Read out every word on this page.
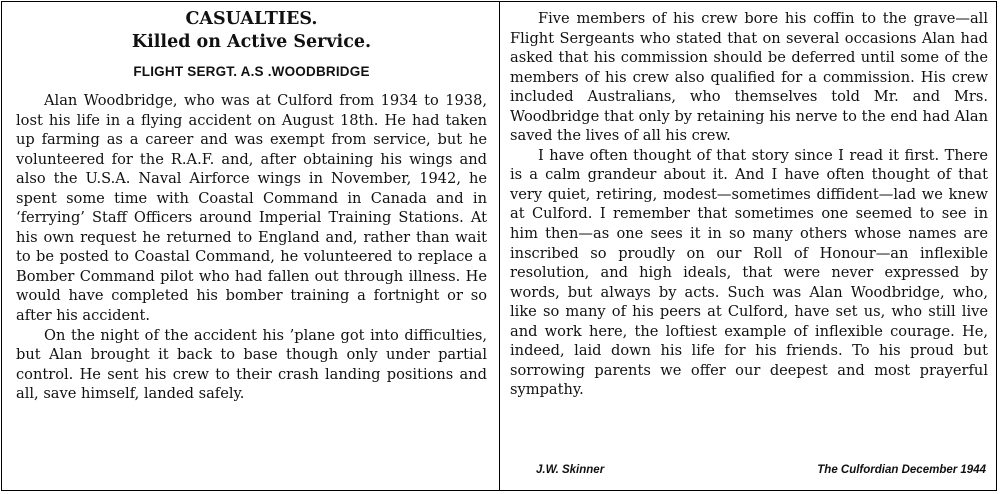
CASUALTIES.
Killed on Active Service.
FLIGHT SERGT. A.S .WOODBRIDGE

Alan Woodbridge, who was at Culford from 1934 to 1938, lost his life in a flying accident on August 18th. He had taken up farming as a career and was exempt from service, but he volunteered for the R.A.F. and, after obtaining his wings and also the U.S.A. Naval Airforce wings in November, 1942, he spent some time with Coastal Command in Canada and in ‘ferrying’ Staff Officers around Imperial Training Stations. At his own request he returned to England and, rather than wait to be posted to Coastal Command, he volunteered to replace a Bomber Command pilot who had fallen out through illness. He would have completed his bomber training a fortnight or so after his accident.

On the night of the accident his ’plane got into difficulties, but Alan brought it back to base though only under partial control. He sent his crew to their crash landing positions and all, save himself, landed safely.

Five members of his crew bore his coffin to the grave—all Flight Sergeants who stated that on several occasions Alan had asked that his commission should be deferred until some of the members of his crew also qualified for a commission. His crew included Australians, who themselves told Mr. and Mrs. Woodbridge that only by retaining his nerve to the end had Alan saved the lives of all his crew.

I have often thought of that story since I read it first. There is a calm grandeur about it. And I have often thought of that very quiet, retiring, modest—sometimes diffident—lad we knew at Culford. I remember that sometimes one seemed to see in him then—as one sees it in so many others whose names are inscribed so proudly on our Roll of Honour—an inflexible resolution, and high ideals, that were never expressed by words, but always by acts. Such was Alan Woodbridge, who, like so many of his peers at Culford, have set us, who still live and work here, the loftiest example of inflexible courage. He, indeed, laid down his life for his friends. To his proud but sorrowing parents we offer our deepest and most prayerful sympathy.

J.W. Skinner	The Culfordian December 1944
